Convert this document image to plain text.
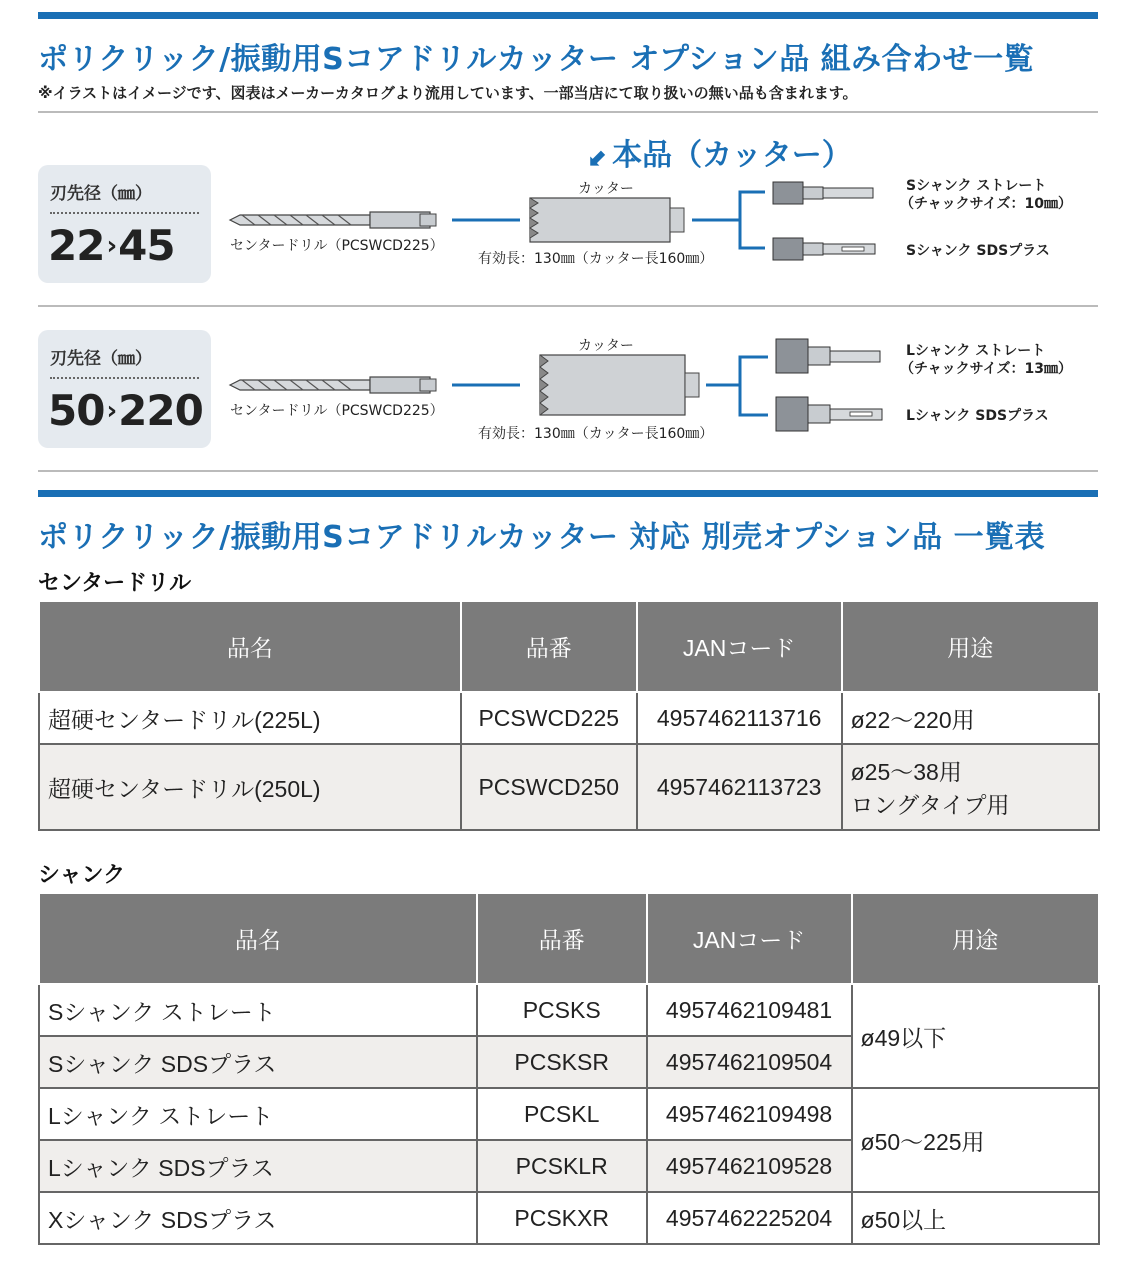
ポリクリック/振動用Sコアドリルカッター オプション品 組み合わせ一覧
※イラストはイメージです、図表はメーカーカタログより流用しています、一部当店にて取り扱いの無い品も含まれます。
⬋ 本品（カッター）
刃先径（㎜）
22›45
カッター
センタードリル（PCSWCD225）
有効長：130㎜（カッター長160㎜）
Sシャンク ストレート
（チャックサイズ：10㎜）
Sシャンク SDSプラス
刃先径（㎜）
50›220
カッター
センタードリル（PCSWCD225）
有効長：130㎜（カッター長160㎜）
Lシャンク ストレート
（チャックサイズ：13㎜）
Lシャンク SDSプラス
ポリクリック/振動用Sコアドリルカッター 対応 別売オプション品 一覧表
センタードリル
品名	品番	JANコード	用途
超硬センタードリル(225L)	PCSWCD225	4957462113716	ø22〜220用
超硬センタードリル(250L)	PCSWCD250	4957462113723	ø25〜38用
ロングタイプ用
シャンク
品名	品番	JANコード	用途
Sシャンク ストレート	PCSKS	4957462109481	ø49以下
Sシャンク SDSプラス	PCSKSR	4957462109504	
Lシャンク ストレート	PCSKL	4957462109498	ø50〜225用
Lシャンク SDSプラス	PCSKLR	4957462109528	
Xシャンク SDSプラス	PCSKXR	4957462225204	ø50以上
